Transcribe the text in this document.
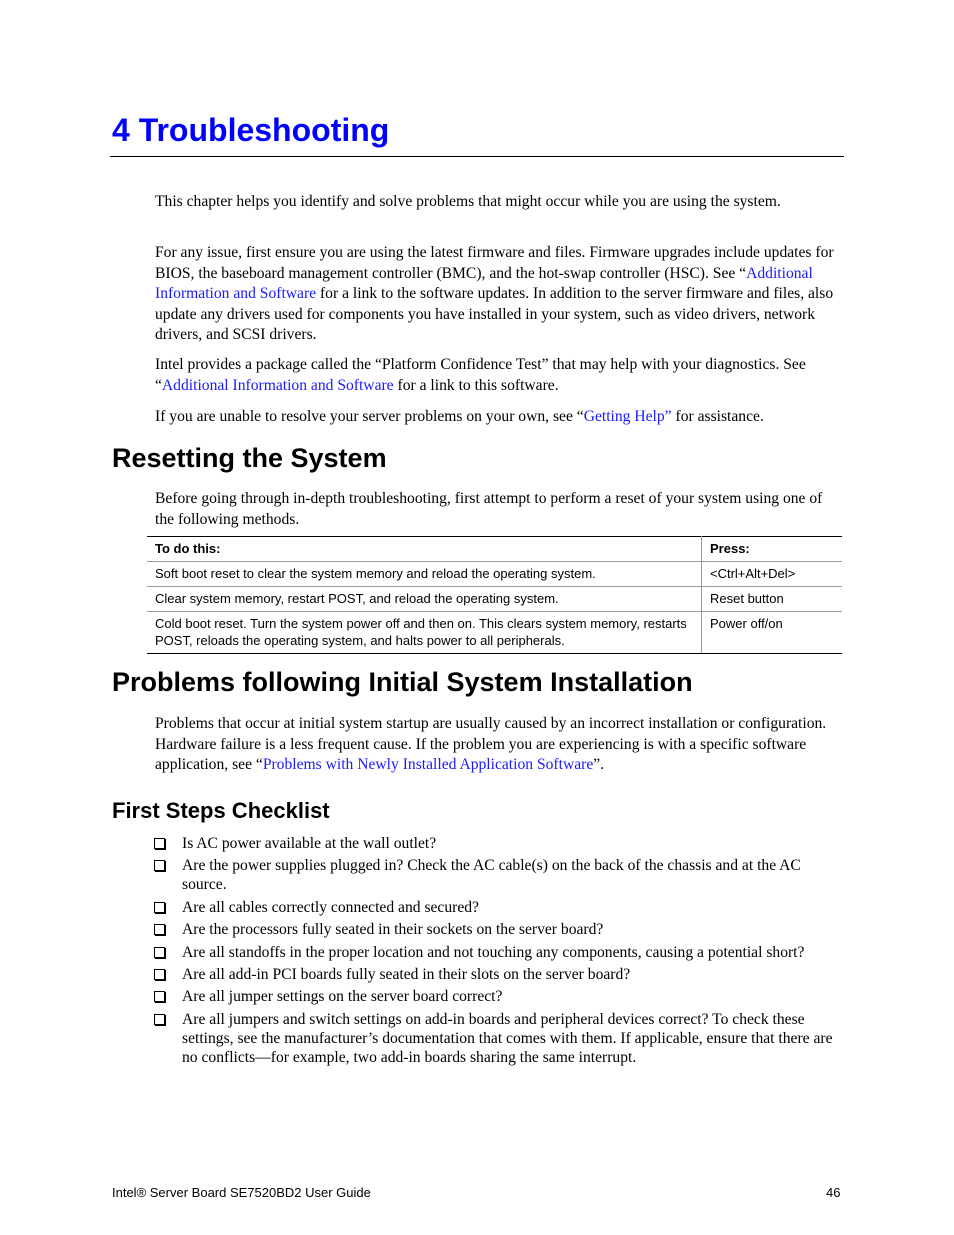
4 Troubleshooting

This chapter helps you identify and solve problems that might occur while you are using the system.

For any issue, first ensure you are using the latest firmware and files. Firmware upgrades include updates for BIOS, the baseboard management controller (BMC), and the hot-swap controller (HSC). See “Additional Information and Software for a link to the software updates. In addition to the server firmware and files, also update any drivers used for components you have installed in your system, such as video drivers, network drivers, and SCSI drivers.

Intel provides a package called the “Platform Confidence Test” that may help with your diagnostics. See “Additional Information and Software for a link to this software.

If you are unable to resolve your server problems on your own, see “Getting Help” for assistance.

Resetting the System

Before going through in-depth troubleshooting, first attempt to perform a reset of your system using one of the following methods.

To do this:	Press:
Soft boot reset to clear the system memory and reload the operating system.	<Ctrl+Alt+Del>
Clear system memory, restart POST, and reload the operating system.	Reset button
Cold boot reset. Turn the system power off and then on. This clears system memory, restarts POST, reloads the operating system, and halts power to all peripherals.	Power off/on
Problems following Initial System Installation

Problems that occur at initial system startup are usually caused by an incorrect installation or configuration. Hardware failure is a less frequent cause. If the problem you are experiencing is with a specific software application, see “Problems with Newly Installed Application Software”.

First Steps Checklist
Is AC power available at the wall outlet?
Are the power supplies plugged in? Check the AC cable(s) on the back of the chassis and at the AC source.
Are all cables correctly connected and secured?
Are the processors fully seated in their sockets on the server board?
Are all standoffs in the proper location and not touching any components, causing a potential short?
Are all add-in PCI boards fully seated in their slots on the server board?
Are all jumper settings on the server board correct?
Are all jumpers and switch settings on add-in boards and peripheral devices correct? To check these settings, see the manufacturer’s documentation that comes with them. If applicable, ensure that there are no conflicts—for example, two add-in boards sharing the same interrupt.
Intel® Server Board SE7520BD2 User Guide	46
